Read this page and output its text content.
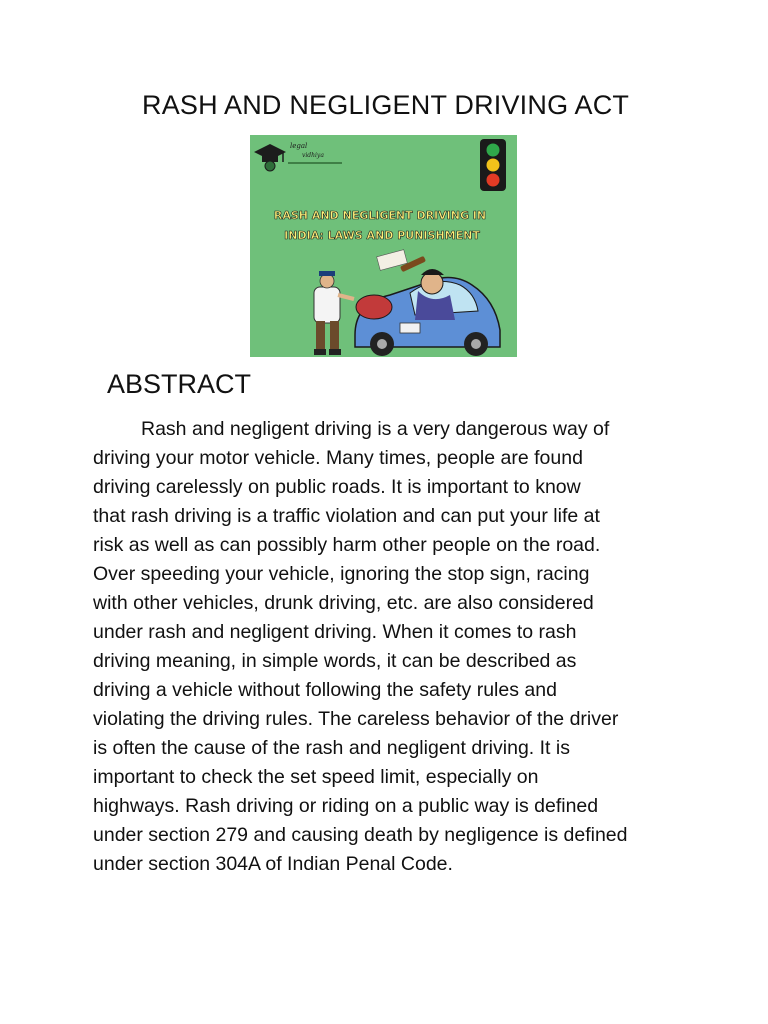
RASH AND NEGLIGENT DRIVING ACT
legal
vidhiya
RASH AND NEGLIGENT DRIVING IN
INDIA: LAWS AND PUNISHMENT
ABSTRACT
Rash and negligent driving is a very dangerous way of
driving your motor vehicle. Many times, people are found
driving carelessly on public roads. It is important to know
that rash driving is a traffic violation and can put your life at
risk as well as can possibly harm other people on the road.
Over speeding your vehicle, ignoring the stop sign, racing
with other vehicles, drunk driving, etc. are also considered
under rash and negligent driving. When it comes to rash
driving meaning, in simple words, it can be described as
driving a vehicle without following the safety rules and
violating the driving rules. The careless behavior of the driver
is often the cause of the rash and negligent driving. It is
important to check the set speed limit, especially on
highways. Rash driving or riding on a public way is defined
under section 279 and causing death by negligence is defined
under section 304A of Indian Penal Code.
